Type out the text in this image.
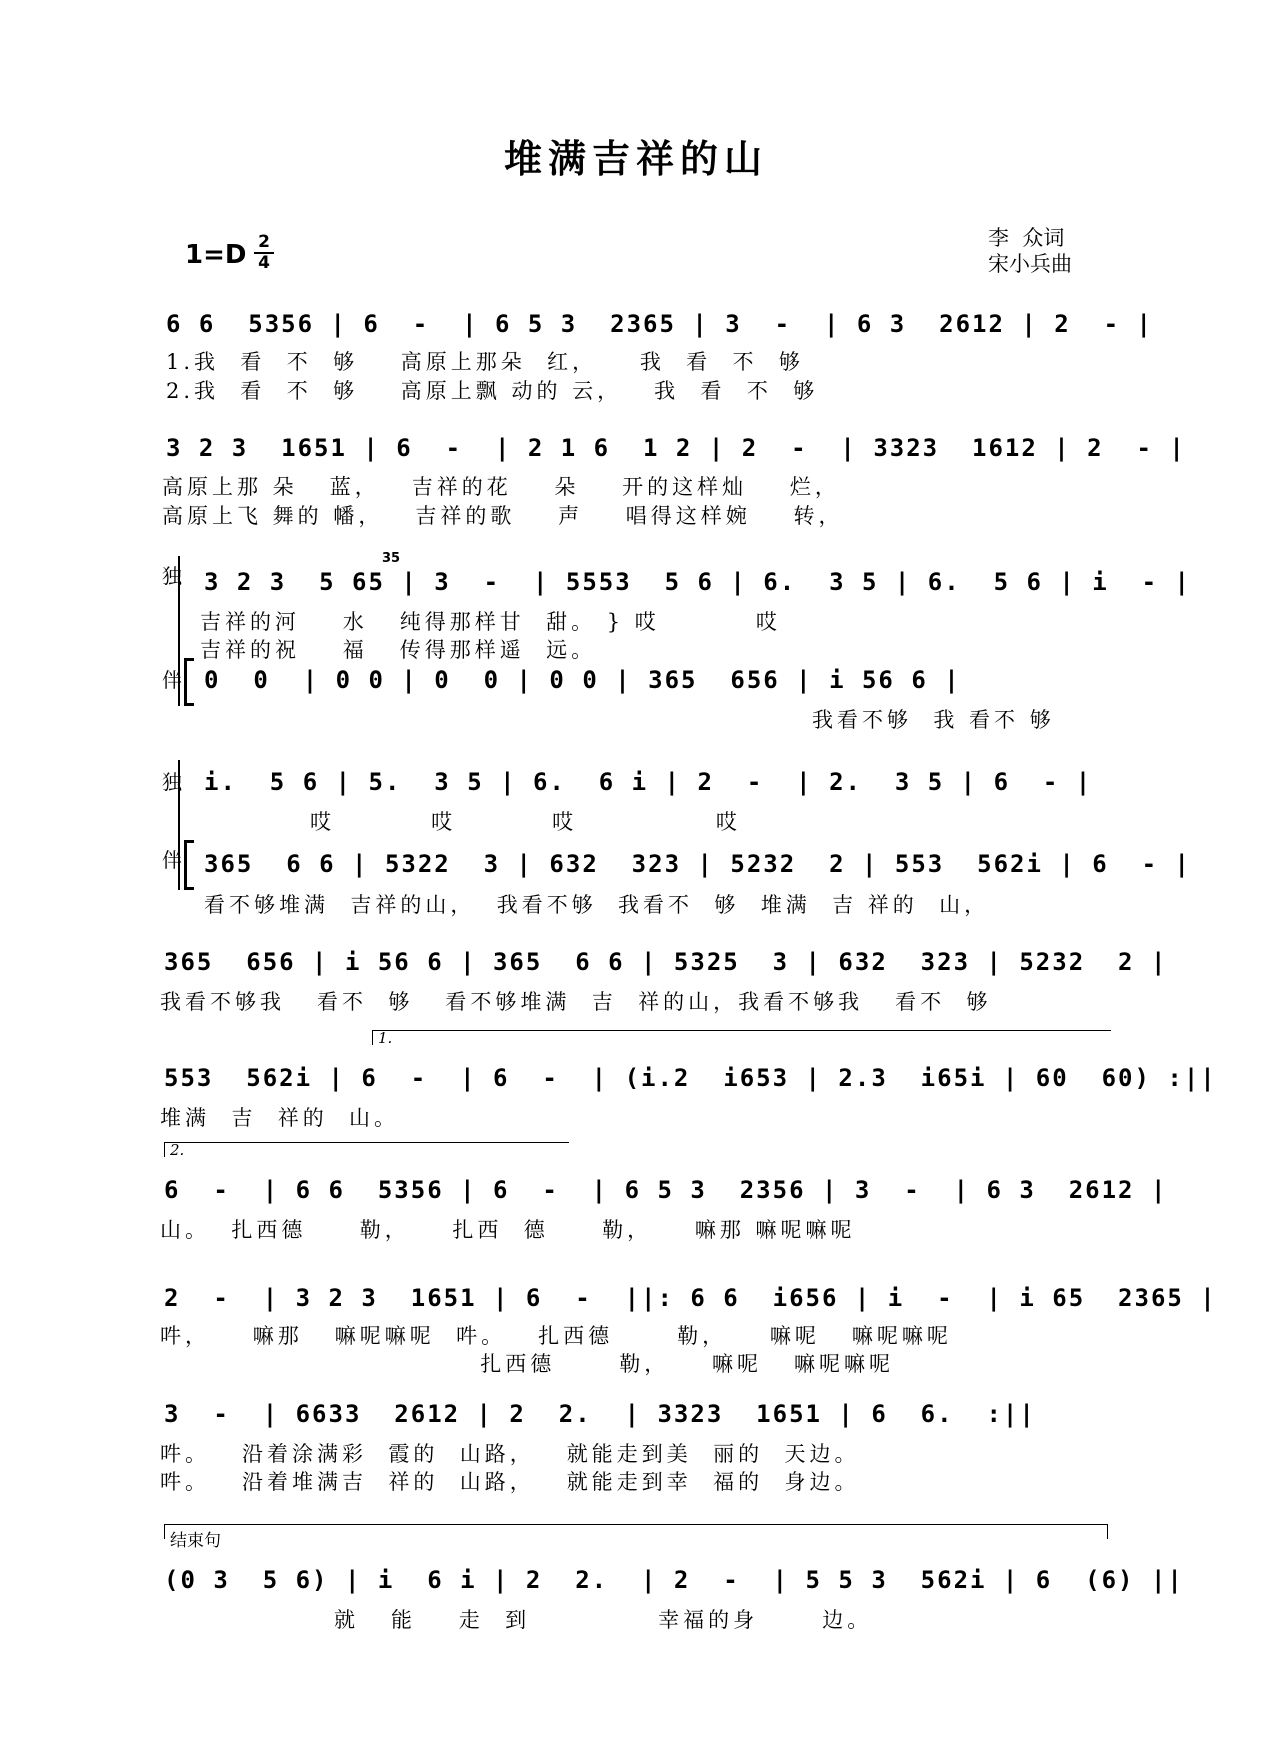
堆满吉祥的山
1=D 2
4
李  众词
宋小兵曲
6 6  5356 | 6  -  | 6 5 3  2365 | 3  -  | 6 3  2612 | 2  - |
1.我  看  不  够    高原上那朵  红，    我  看  不  够
2.我  看  不  够    高原上飘 动的 云，   我  看  不  够
3 2 3  1651 | 6  -  | 2 1 6  1 2 | 2  -  | 3323  1612 | 2  - |
高原上那 朵   蓝，   吉祥的花    朵    开的这样灿    烂，
高原上飞 舞的 幡，   吉祥的歌    声    唱得这样婉    转，
独
伴
35
3 2 3  5 65 | 3  -  | 5553  5 6 | 6.  3 5 | 6.  5 6 | i  - |
吉祥的河    水   纯得那样甘  甜。 } 哎         哎
吉祥的祝    福   传得那样遥  远。
0  0  | 0 0 | 0  0 | 0 0 | 365  656 | i 56 6 |
我看不够  我 看不 够
独
伴
i.  5 6 | 5.  3 5 | 6.  6 i | 2  -  | 2.  3 5 | 6  - |
哎         哎         哎             哎
365  6 6 | 5322  3 | 632  323 | 5232  2 | 553  562i | 6  - |
看不够堆满  吉祥的山，  我看不够  我看不  够  堆满  吉 祥的  山，
365  656 | i 56 6 | 365  6 6 | 5325  3 | 632  323 | 5232  2 |
我看不够我   看不  够   看不够堆满  吉  祥的山，我看不够我   看不  够
1.
553  562i | 6  -  | 6  -  | (i.2  i653 | 2.3  i65i | 60  60) :||
堆满  吉  祥的  山。
2.
6  -  | 6 6  5356 | 6  -  | 6 5 3  2356 | 3  -  | 6 3  2612 |
山。  扎西德     勒，    扎西  德     勒，    嘛那 嘛呢嘛呢
2  -  | 3 2 3  1651 | 6  -  ||: 6 6  i656 | i  -  | i 65  2365 |
吽，    嘛那   嘛呢嘛呢  吽。   扎西德      勒，    嘛呢   嘛呢嘛呢
扎西德      勒，    嘛呢   嘛呢嘛呢
3  -  | 6633  2612 | 2  2.  | 3323  1651 | 6  6.  :||
吽。   沿着涂满彩  霞的  山路，   就能走到美  丽的  天边。
吽。   沿着堆满吉  祥的  山路，   就能走到幸  福的  身边。
结束句
(0 3  5 6) | i  6 i | 2  2.  | 2  -  | 5 5 3  562i | 6  (6) ||
就   能    走  到            幸福的身      边。
